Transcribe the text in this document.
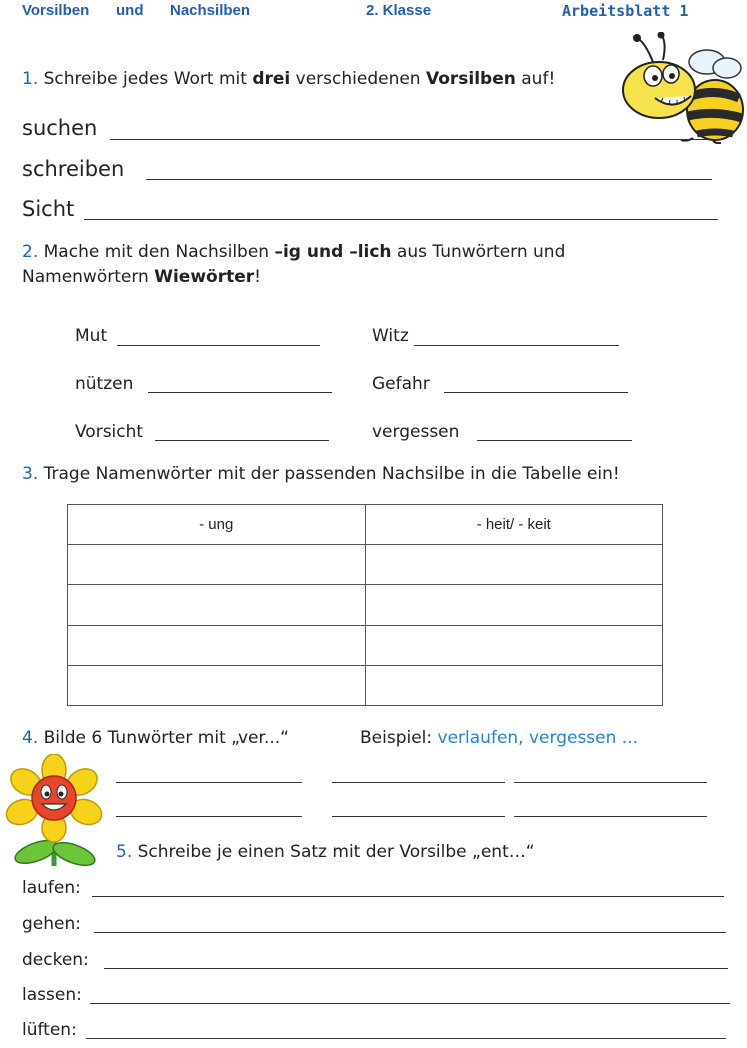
Vorsilben und Nachsilben	2. Klasse	Arbeitsblatt 1
1. Schreibe jedes Wort mit drei verschiedenen Vorsilben auf!
suchen
schreiben
Sicht
2. Mache mit den Nachsilben –ig und –lich aus Tunwörtern und
Namenwörtern Wiewörter!
Mut	Witz
nützen	Gefahr
Vorsicht	vergessen
3. Trage Namenwörter mit der passenden Nachsilbe in die Tabelle ein!
- ung	- heit/ - keit

4. Bilde 6 Tunwörter mit „ver...“	Beispiel: verlaufen, vergessen ...
5. Schreibe je einen Satz mit der Vorsilbe „ent…“
laufen:
gehen:
decken:
lassen:
lüften:
